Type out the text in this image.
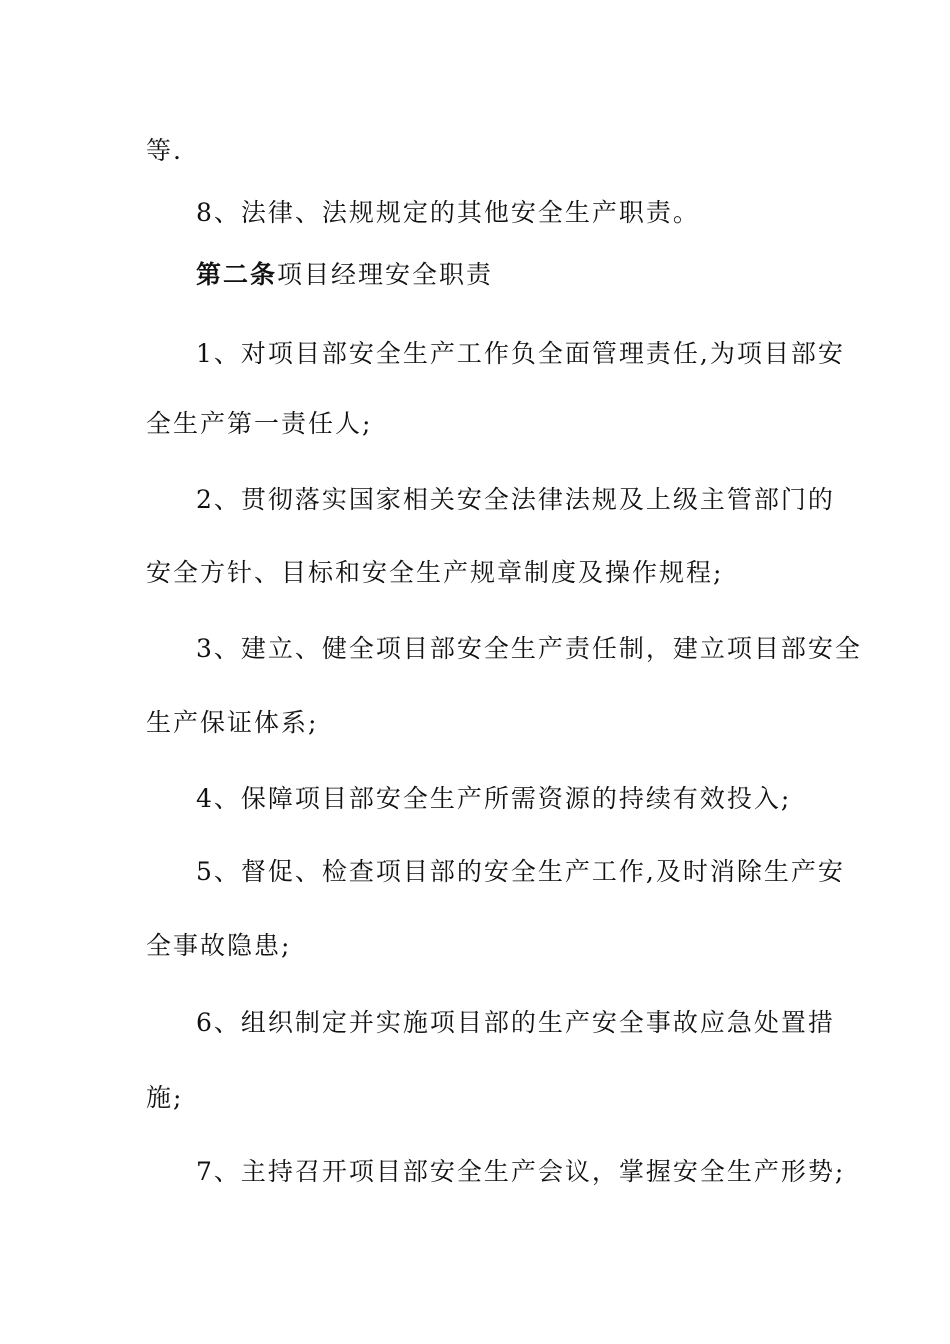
等.
8、法律、法规规定的其他安全生产职责。
第二条项目经理安全职责
1、对项目部安全生产工作负全面管理责任,为项目部安
全生产第一责任人;
2、贯彻落实国家相关安全法律法规及上级主管部门的
安全方针、目标和安全生产规章制度及操作规程;
3、建立、健全项目部安全生产责任制，建立项目部安全
生产保证体系;
4、保障项目部安全生产所需资源的持续有效投入;
5、督促、检查项目部的安全生产工作,及时消除生产安
全事故隐患;
6、组织制定并实施项目部的生产安全事故应急处置措
施;
7、主持召开项目部安全生产会议，掌握安全生产形势;
